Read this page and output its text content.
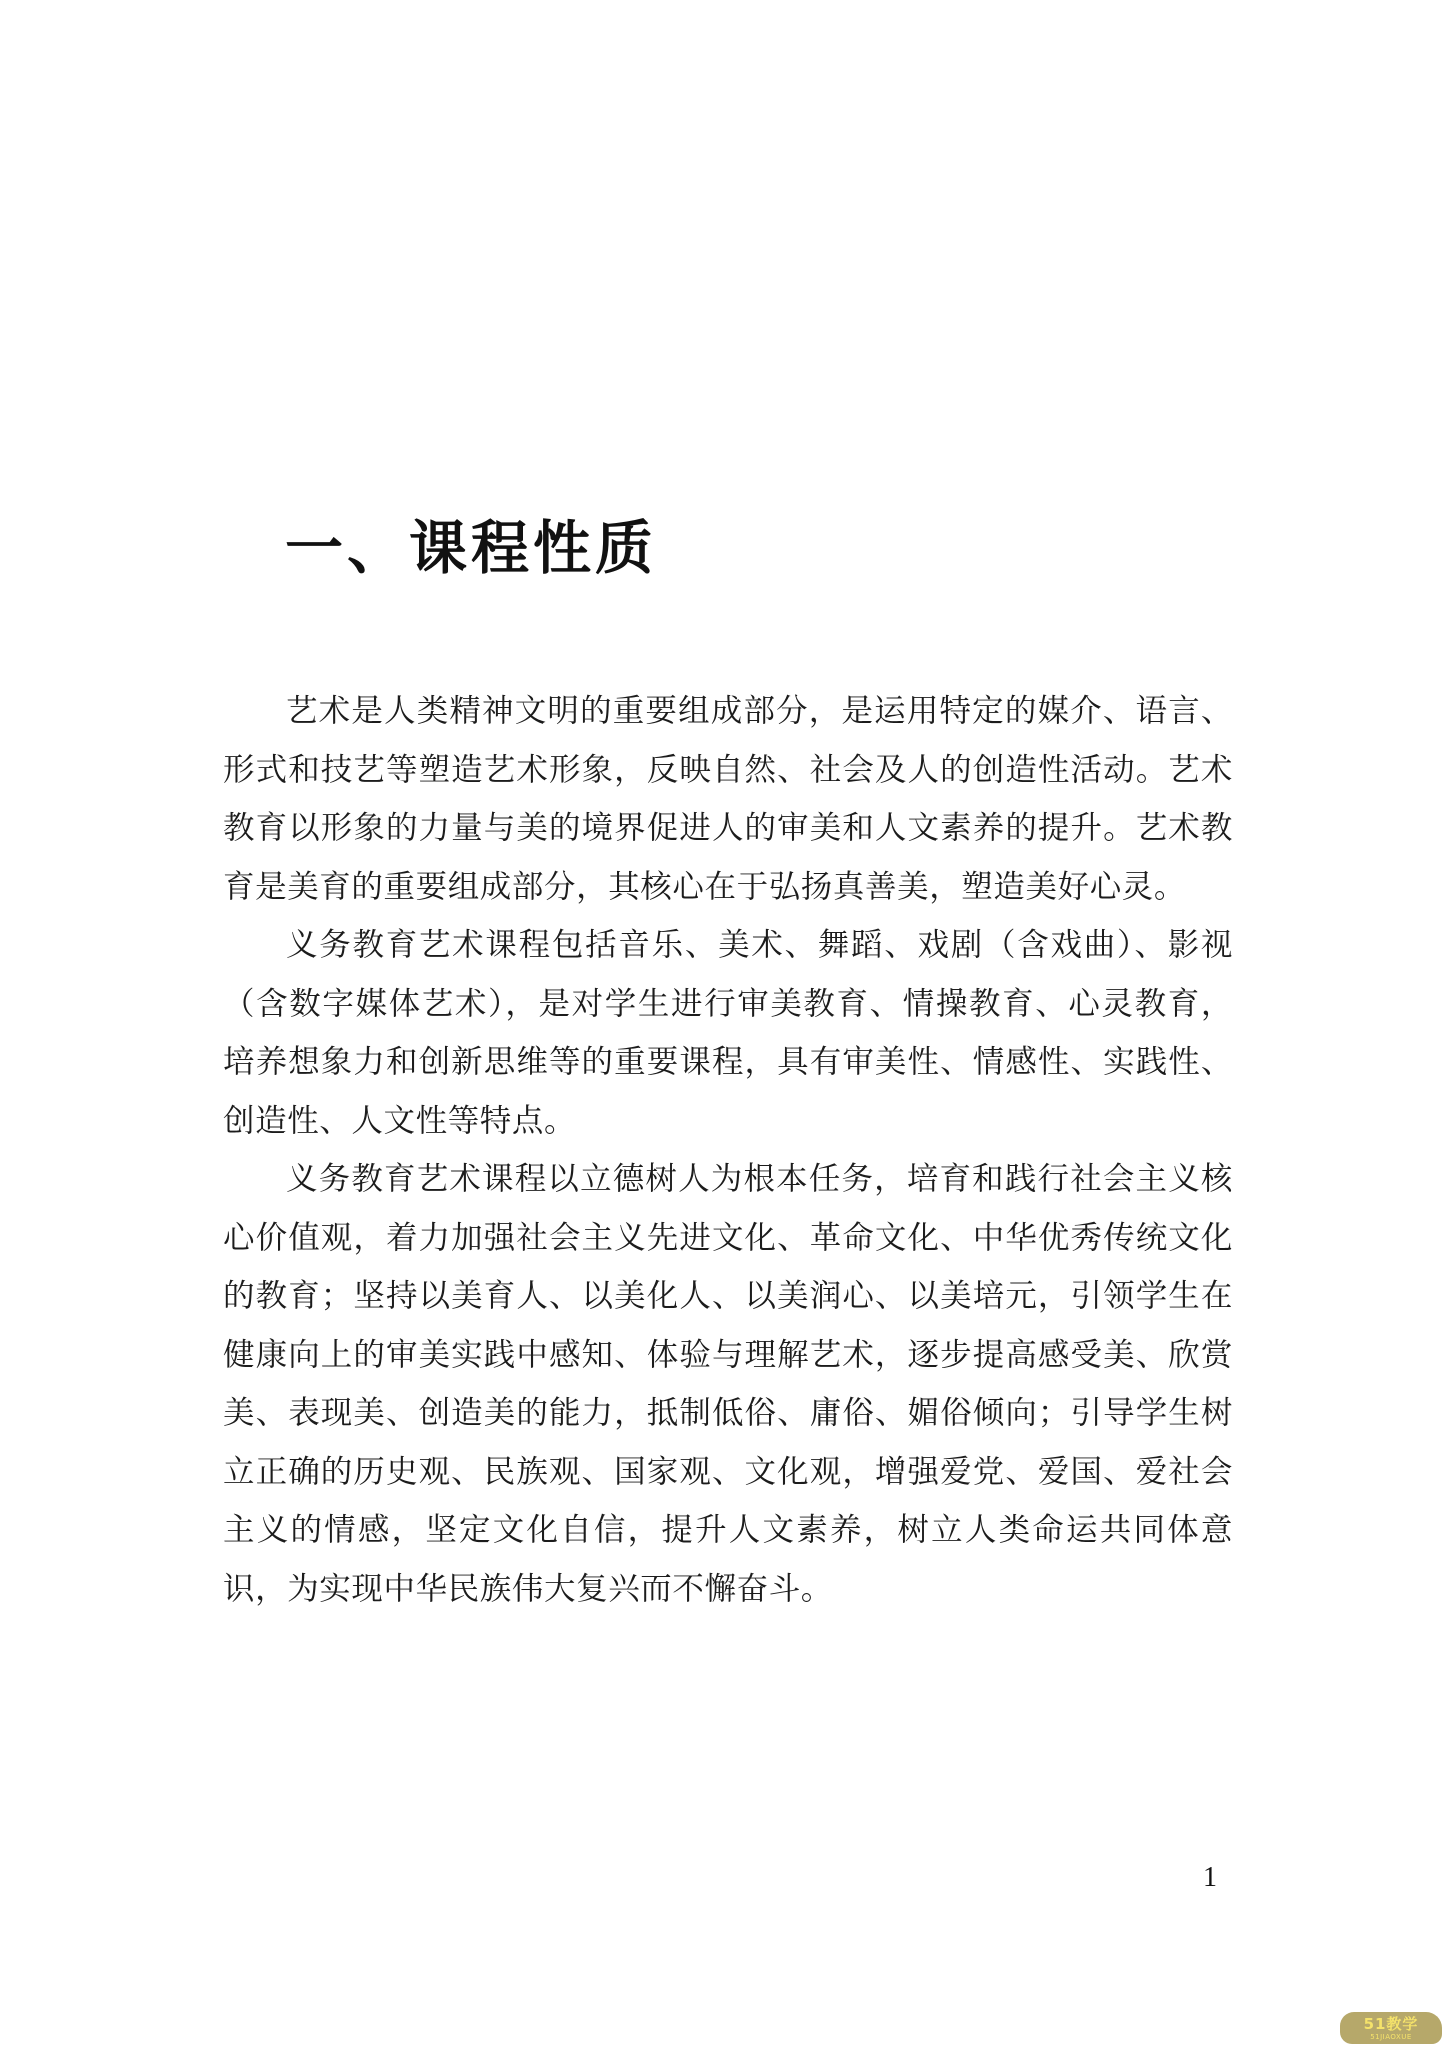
一、课程性质

艺术是人类精神文明的重要组成部分，是运用特定的媒介、语言、形式和技艺等塑造艺术形象，反映自然、社会及人的创造性活动。艺术教育以形象的力量与美的境界促进人的审美和人文素养的提升。艺术教育是美育的重要组成部分，其核心在于弘扬真善美，塑造美好心灵。

义务教育艺术课程包括音乐、美术、舞蹈、戏剧（含戏曲）、影视（含数字媒体艺术），是对学生进行审美教育、情操教育、心灵教育，培养想象力和创新思维等的重要课程，具有审美性、情感性、实践性、创造性、人文性等特点。

义务教育艺术课程以立德树人为根本任务，培育和践行社会主义核心价值观，着力加强社会主义先进文化、革命文化、中华优秀传统文化的教育；坚持以美育人、以美化人、以美润心、以美培元，引领学生在健康向上的审美实践中感知、体验与理解艺术，逐步提高感受美、欣赏美、表现美、创造美的能力，抵制低俗、庸俗、媚俗倾向；引导学生树立正确的历史观、民族观、国家观、文化观，增强爱党、爱国、爱社会主义的情感，坚定文化自信，提升人文素养，树立人类命运共同体意识，为实现中华民族伟大复兴而不懈奋斗。

1
51教学
51JIAOXUE
